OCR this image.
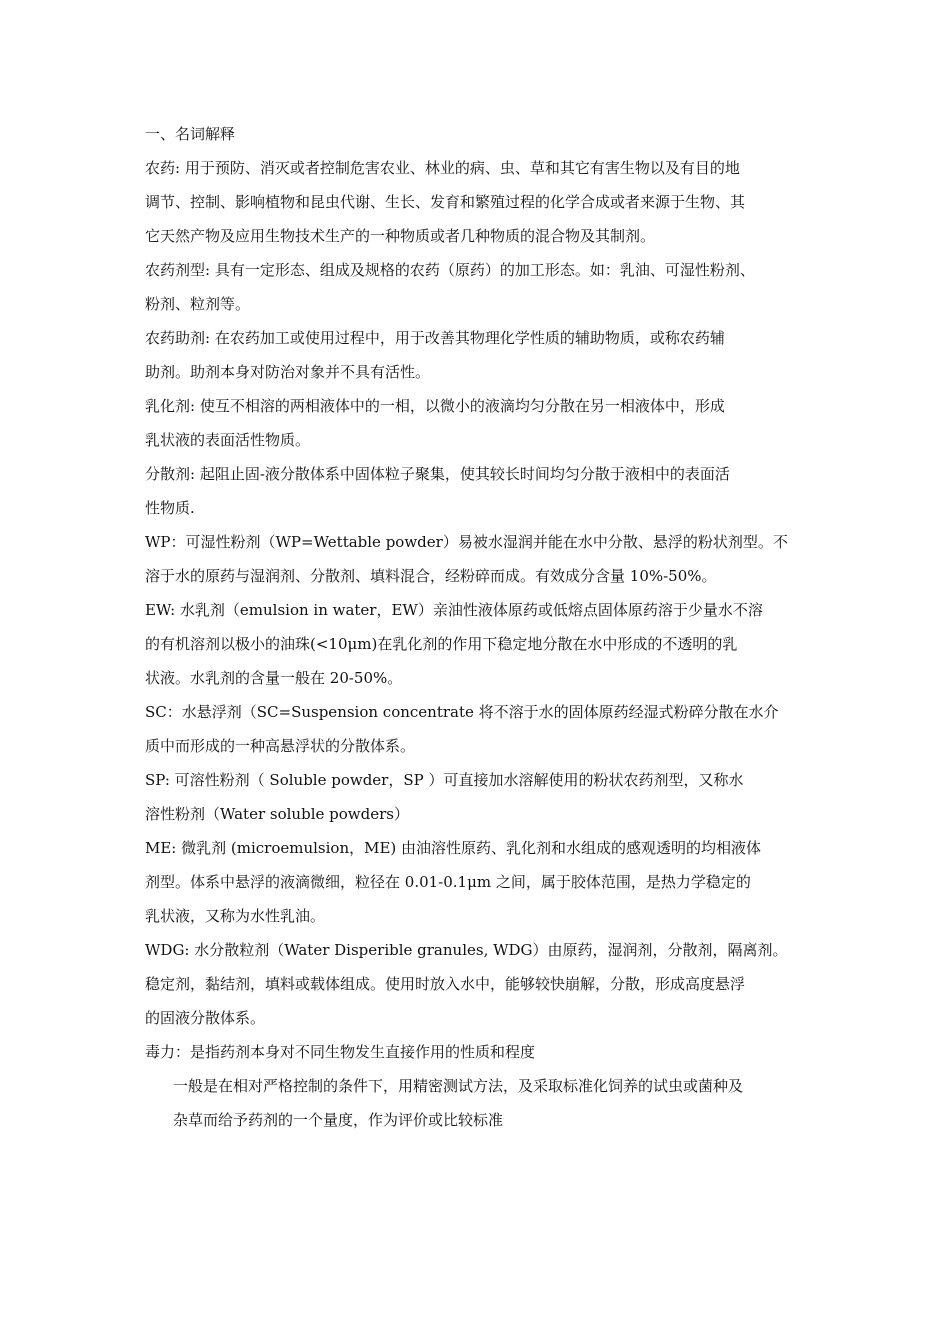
一、名词解释

农药: 用于预防、消灭或者控制危害农业、林业的病、虫、草和其它有害生物以及有目的地
调节、控制、影响植物和昆虫代谢、生长、发育和繁殖过程的化学合成或者来源于生物、其
它天然产物及应用生物技术生产的一种物质或者几种物质的混合物及其制剂。

农药剂型: 具有一定形态、组成及规格的农药（原药）的加工形态。如：乳油、可湿性粉剂、
粉剂、粒剂等。

农药助剂: 在农药加工或使用过程中，用于改善其物理化学性质的辅助物质，或称农药辅
助剂。助剂本身对防治对象并不具有活性。

乳化剂: 使互不相溶的两相液体中的一相，以微小的液滴均匀分散在另一相液体中，形成
乳状液的表面活性物质。

分散剂: 起阻止固-液分散体系中固体粒子聚集，使其较长时间均匀分散于液相中的表面活
性物质.

WP：可湿性粉剂（WP=Wettable powder）易被水湿润并能在水中分散、悬浮的粉状剂型。不
溶于水的原药与湿润剂、分散剂、填料混合，经粉碎而成。有效成分含量 10%-50%。

EW: 水乳剂（emulsion in water，EW）亲油性液体原药或低熔点固体原药溶于少量水不溶
的有机溶剂以极小的油珠(<10μm)在乳化剂的作用下稳定地分散在水中形成的不透明的乳
状液。水乳剂的含量一般在 20-50%。

SC：水悬浮剂（SC=Suspension concentrate 将不溶于水的固体原药经湿式粉碎分散在水介
质中而形成的一种高悬浮状的分散体系。

SP: 可溶性粉剂（ Soluble powder，SP ）可直接加水溶解使用的粉状农药剂型，又称水
溶性粉剂（Water soluble powders）

ME: 微乳剂 (microemulsion，ME) 由油溶性原药、乳化剂和水组成的感观透明的均相液体
剂型。体系中悬浮的液滴微细，粒径在 0.01-0.1μm 之间，属于胶体范围，是热力学稳定的
乳状液，又称为水性乳油。

WDG: 水分散粒剂（Water Disperible granules, WDG）由原药，湿润剂，分散剂，隔离剂。
稳定剂，黏结剂，填料或载体组成。使用时放入水中，能够较快崩解，分散，形成高度悬浮
的固液分散体系。

毒力：是指药剂本身对不同生物发生直接作用的性质和程度

一般是在相对严格控制的条件下，用精密测试方法，及采取标准化饲养的试虫或菌种及
杂草而给予药剂的一个量度，作为评价或比较标准
